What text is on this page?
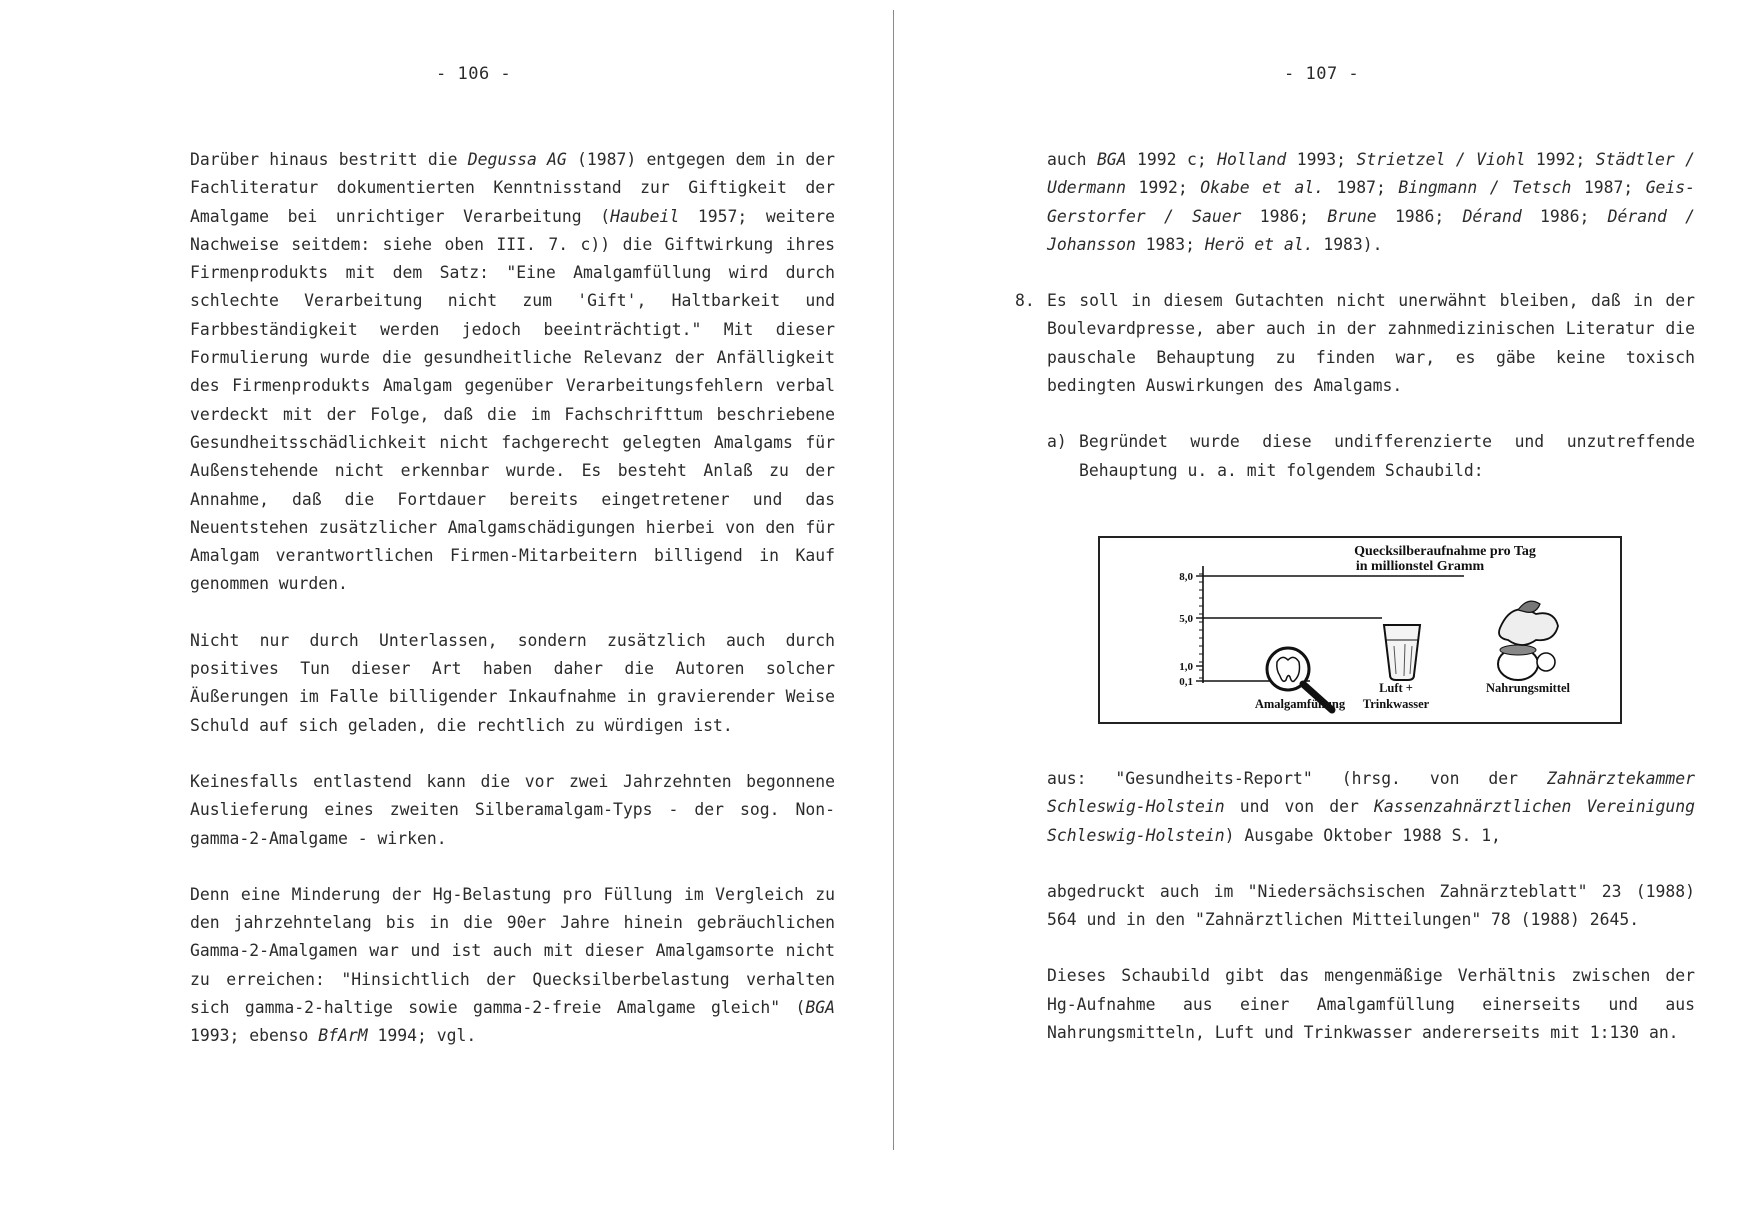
- 106 -	- 107 -

Darüber hinaus bestritt die Degussa AG (1987) entgegen dem in der Fachliteratur dokumentierten Kenntnisstand zur Giftigkeit der Amalgame bei unrichtiger Verarbeitung (Haubeil 1957; weitere Nachweise seitdem: siehe oben III. 7. c)) die Giftwirkung ihres Firmenprodukts mit dem Satz: "Eine Amalgamfüllung wird durch schlechte Verarbeitung nicht zum 'Gift', Haltbarkeit und Farbbeständigkeit werden jedoch beeinträchtigt." Mit dieser Formulierung wurde die gesundheitliche Relevanz der Anfälligkeit des Firmenprodukts Amalgam gegenüber Verarbeitungsfehlern verbal verdeckt mit der Folge, daß die im Fachschrifttum beschriebene Gesundheitsschädlichkeit nicht fachgerecht gelegten Amalgams für Außenstehende nicht erkennbar wurde. Es besteht Anlaß zu der Annahme, daß die Fortdauer bereits eingetretener und das Neuentstehen zusätzlicher Amalgamschädigungen hierbei von den für Amalgam verantwortlichen Firmen-Mitarbeitern billigend in Kauf genommen wurden.

Nicht nur durch Unterlassen, sondern zusätzlich auch durch positives Tun dieser Art haben daher die Autoren solcher Äußerungen im Falle billigender Inkaufnahme in gravierender Weise Schuld auf sich geladen, die rechtlich zu würdigen ist.

Keinesfalls entlastend kann die vor zwei Jahrzehnten begonnene Auslieferung eines zweiten Silberamalgam-Typs - der sog. Non-gamma-2-Amalgame - wirken.

Denn eine Minderung der Hg-Belastung pro Füllung im Vergleich zu den jahrzehntelang bis in die 90er Jahre hinein gebräuchlichen Gamma-2-Amalgamen war und ist auch mit dieser Amalgamsorte nicht zu erreichen: "Hinsichtlich der Quecksilberbelastung verhalten sich gamma-2-haltige sowie gamma-2-freie Amalgame gleich" (BGA 1993; ebenso BfArM 1994; vgl.

auch BGA 1992 c; Holland 1993; Strietzel / Viohl 1992; Städtler / Udermann 1992; Okabe et al. 1987; Bingmann / Tetsch 1987; Geis-Gerstorfer / Sauer 1986; Brune 1986; Dérand 1986; Dérand / Johansson 1983; Herö et al. 1983).

8. Es soll in diesem Gutachten nicht unerwähnt bleiben, daß in der Boulevardpresse, aber auch in der zahnmedizinischen Literatur die pauschale Behauptung zu finden war, es gäbe keine toxisch bedingten Auswirkungen des Amalgams.
a) Begründet wurde diese undifferenzierte und unzutreffende Behauptung u. a. mit folgendem Schaubild:

aus: "Gesundheits-Report" (hrsg. von der Zahnärztekammer Schleswig-Holstein und von der Kassenzahnärztlichen Vereinigung Schleswig-Holstein) Ausgabe Oktober 1988 S. 1,

abgedruckt auch im "Niedersächsischen Zahnärzteblatt" 23 (1988) 564 und in den "Zahnärztlichen Mitteilungen" 78 (1988) 2645.

Dieses Schaubild gibt das mengenmäßige Verhältnis zwischen der Hg-Aufnahme aus einer Amalgamfüllung einerseits und aus Nahrungsmitteln, Luft und Trinkwasser andererseits mit 1:130 an.

Quecksilberaufnahme pro Tag
in millionstel Gramm
8,0
5,0
1,0
0,1
Amalgamfüllung
Luft +
Trinkwasser
Nahrungsmittel
